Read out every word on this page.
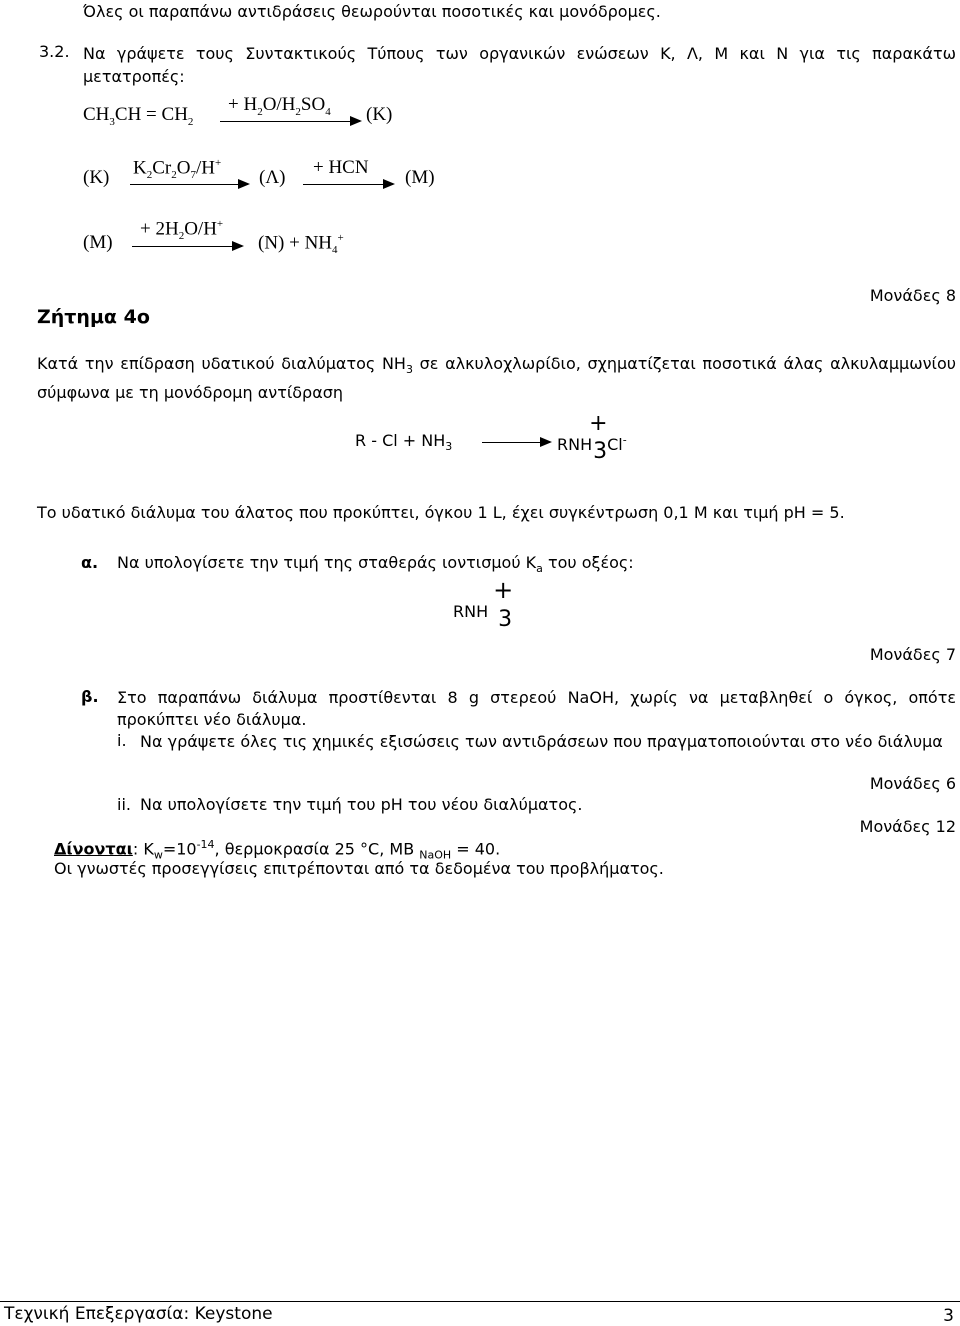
Όλες οι παραπάνω αντιδράσεις θεωρούνται ποσοτικές και μονόδρομες.
3.2. Να γράψετε τους Συντακτικούς Τύπους των οργανικών ενώσεων Κ, Λ, Μ και Ν για τις παρακάτω μετατροπές:
$CH_3CH = CH_2$
+ $H_2O/H_2SO_4$ (K)
(K) $K_2Cr_2O_7/H^+$
(Λ) + HCN (M)
(M)
+ $2H_2O/H^+$
$(N) + NH_4^+$
Ζήτημα 4ο
Μονάδες 8
Κατά την επίδραση υδατικού διαλύματος $NH_3$ σε αλκυλοχλωρίδιο, σχηματίζεται ποσοτικά άλας αλκυλαμμωνίου σύμφωνα με τη μονόδρομη αντίδραση
$R - Cl + NH_3$	RNH
+
3Cl-
Το υδατικό διάλυμα του άλατος που προκύπτει, όγκου 1 L, έχει συγκέντρωση 0,1 M και τιμή pH = 5.
α. Να υπολογίσετε την τιμή της σταθεράς ιοντισμού $K_a$ του οξέος:
RNH
+
3
Μονάδες 7
β. Στο παραπάνω διάλυμα προστίθενται 8 g στερεού NaOH, χωρίς να μεταβληθεί ο όγκος, οπότε προκύπτει νέο διάλυμα.
i. Να γράψετε όλες τις χημικές εξισώσεις των αντιδράσεων που πραγματοποιούνται στο νέο διάλυμα
Μονάδες 6
ii. Να υπολογίσετε την τιμή του pH του νέου διαλύματος.
Μονάδες 12
Δίνονται: $K_w=10^{-14}$, θερμοκρασία 25 °C, MB $_{NaOH}$ = 40.
Οι γνωστές προσεγγίσεις επιτρέπονται από τα δεδομένα του προβλήματος.
Τεχνική Επεξεργασία: Keystone	3
